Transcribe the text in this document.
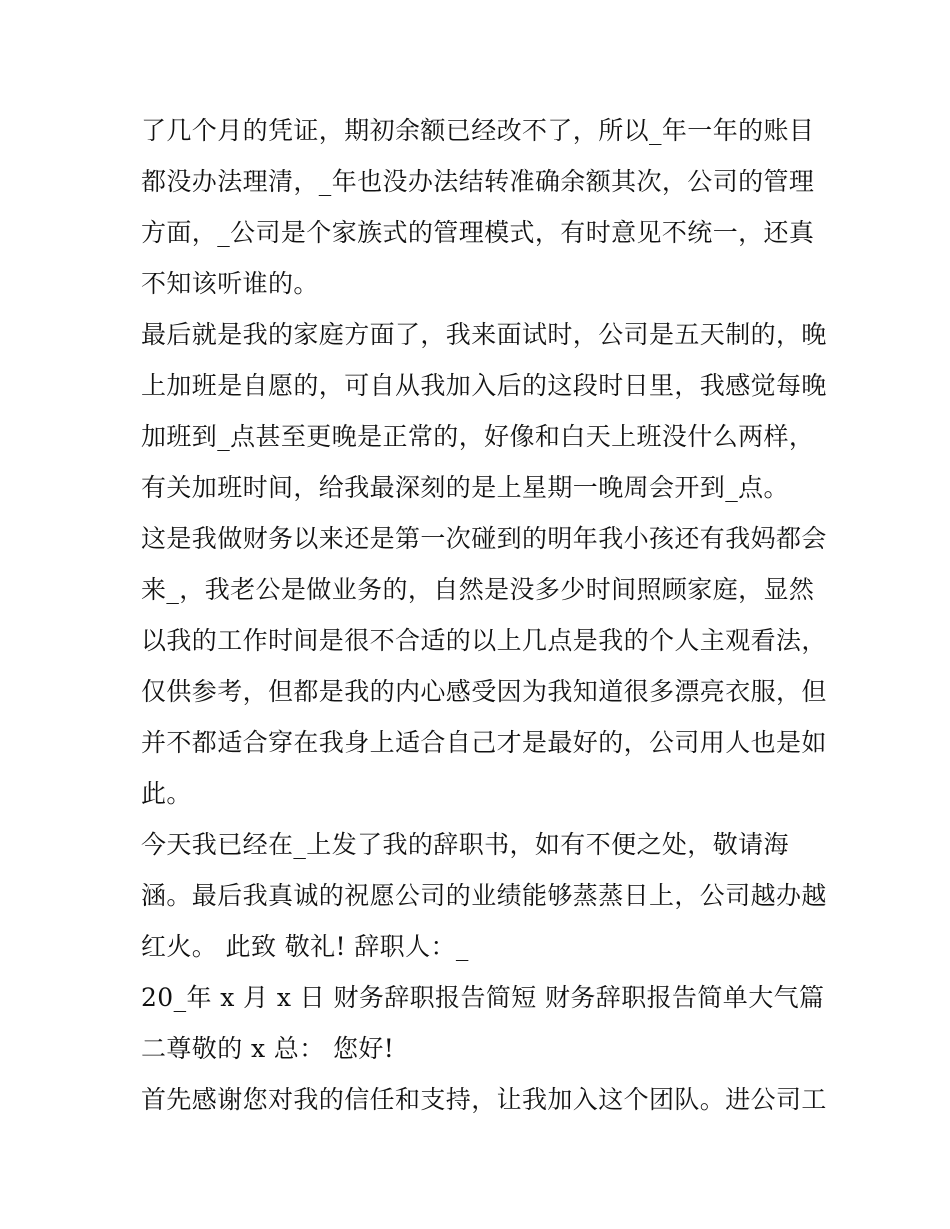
了几个月的凭证，期初余额已经改不了，所以_年一年的账目
都没办法理清，_年也没办法结转准确余额其次，公司的管理
方面，_公司是个家族式的管理模式，有时意见不统一，还真
不知该听谁的。
最后就是我的家庭方面了，我来面试时，公司是五天制的，晚
上加班是自愿的，可自从我加入后的这段时日里，我感觉每晚
加班到_点甚至更晚是正常的，好像和白天上班没什么两样，
有关加班时间，给我最深刻的是上星期一晚周会开到_点。
这是我做财务以来还是第一次碰到的明年我小孩还有我妈都会
来_，我老公是做业务的，自然是没多少时间照顾家庭，显然
以我的工作时间是很不合适的以上几点是我的个人主观看法，
仅供参考，但都是我的内心感受因为我知道很多漂亮衣服，但
并不都适合穿在我身上适合自己才是最好的，公司用人也是如
此。
今天我已经在_上发了我的辞职书，如有不便之处，敬请海
涵。最后我真诚的祝愿公司的业绩能够蒸蒸日上，公司越办越
红火。 此致 敬礼! 辞职人：_
20_年 x 月 x 日 财务辞职报告简短 财务辞职报告简单大气篇
二尊敬的 x 总： 您好!
首先感谢您对我的信任和支持，让我加入这个团队。进公司工
